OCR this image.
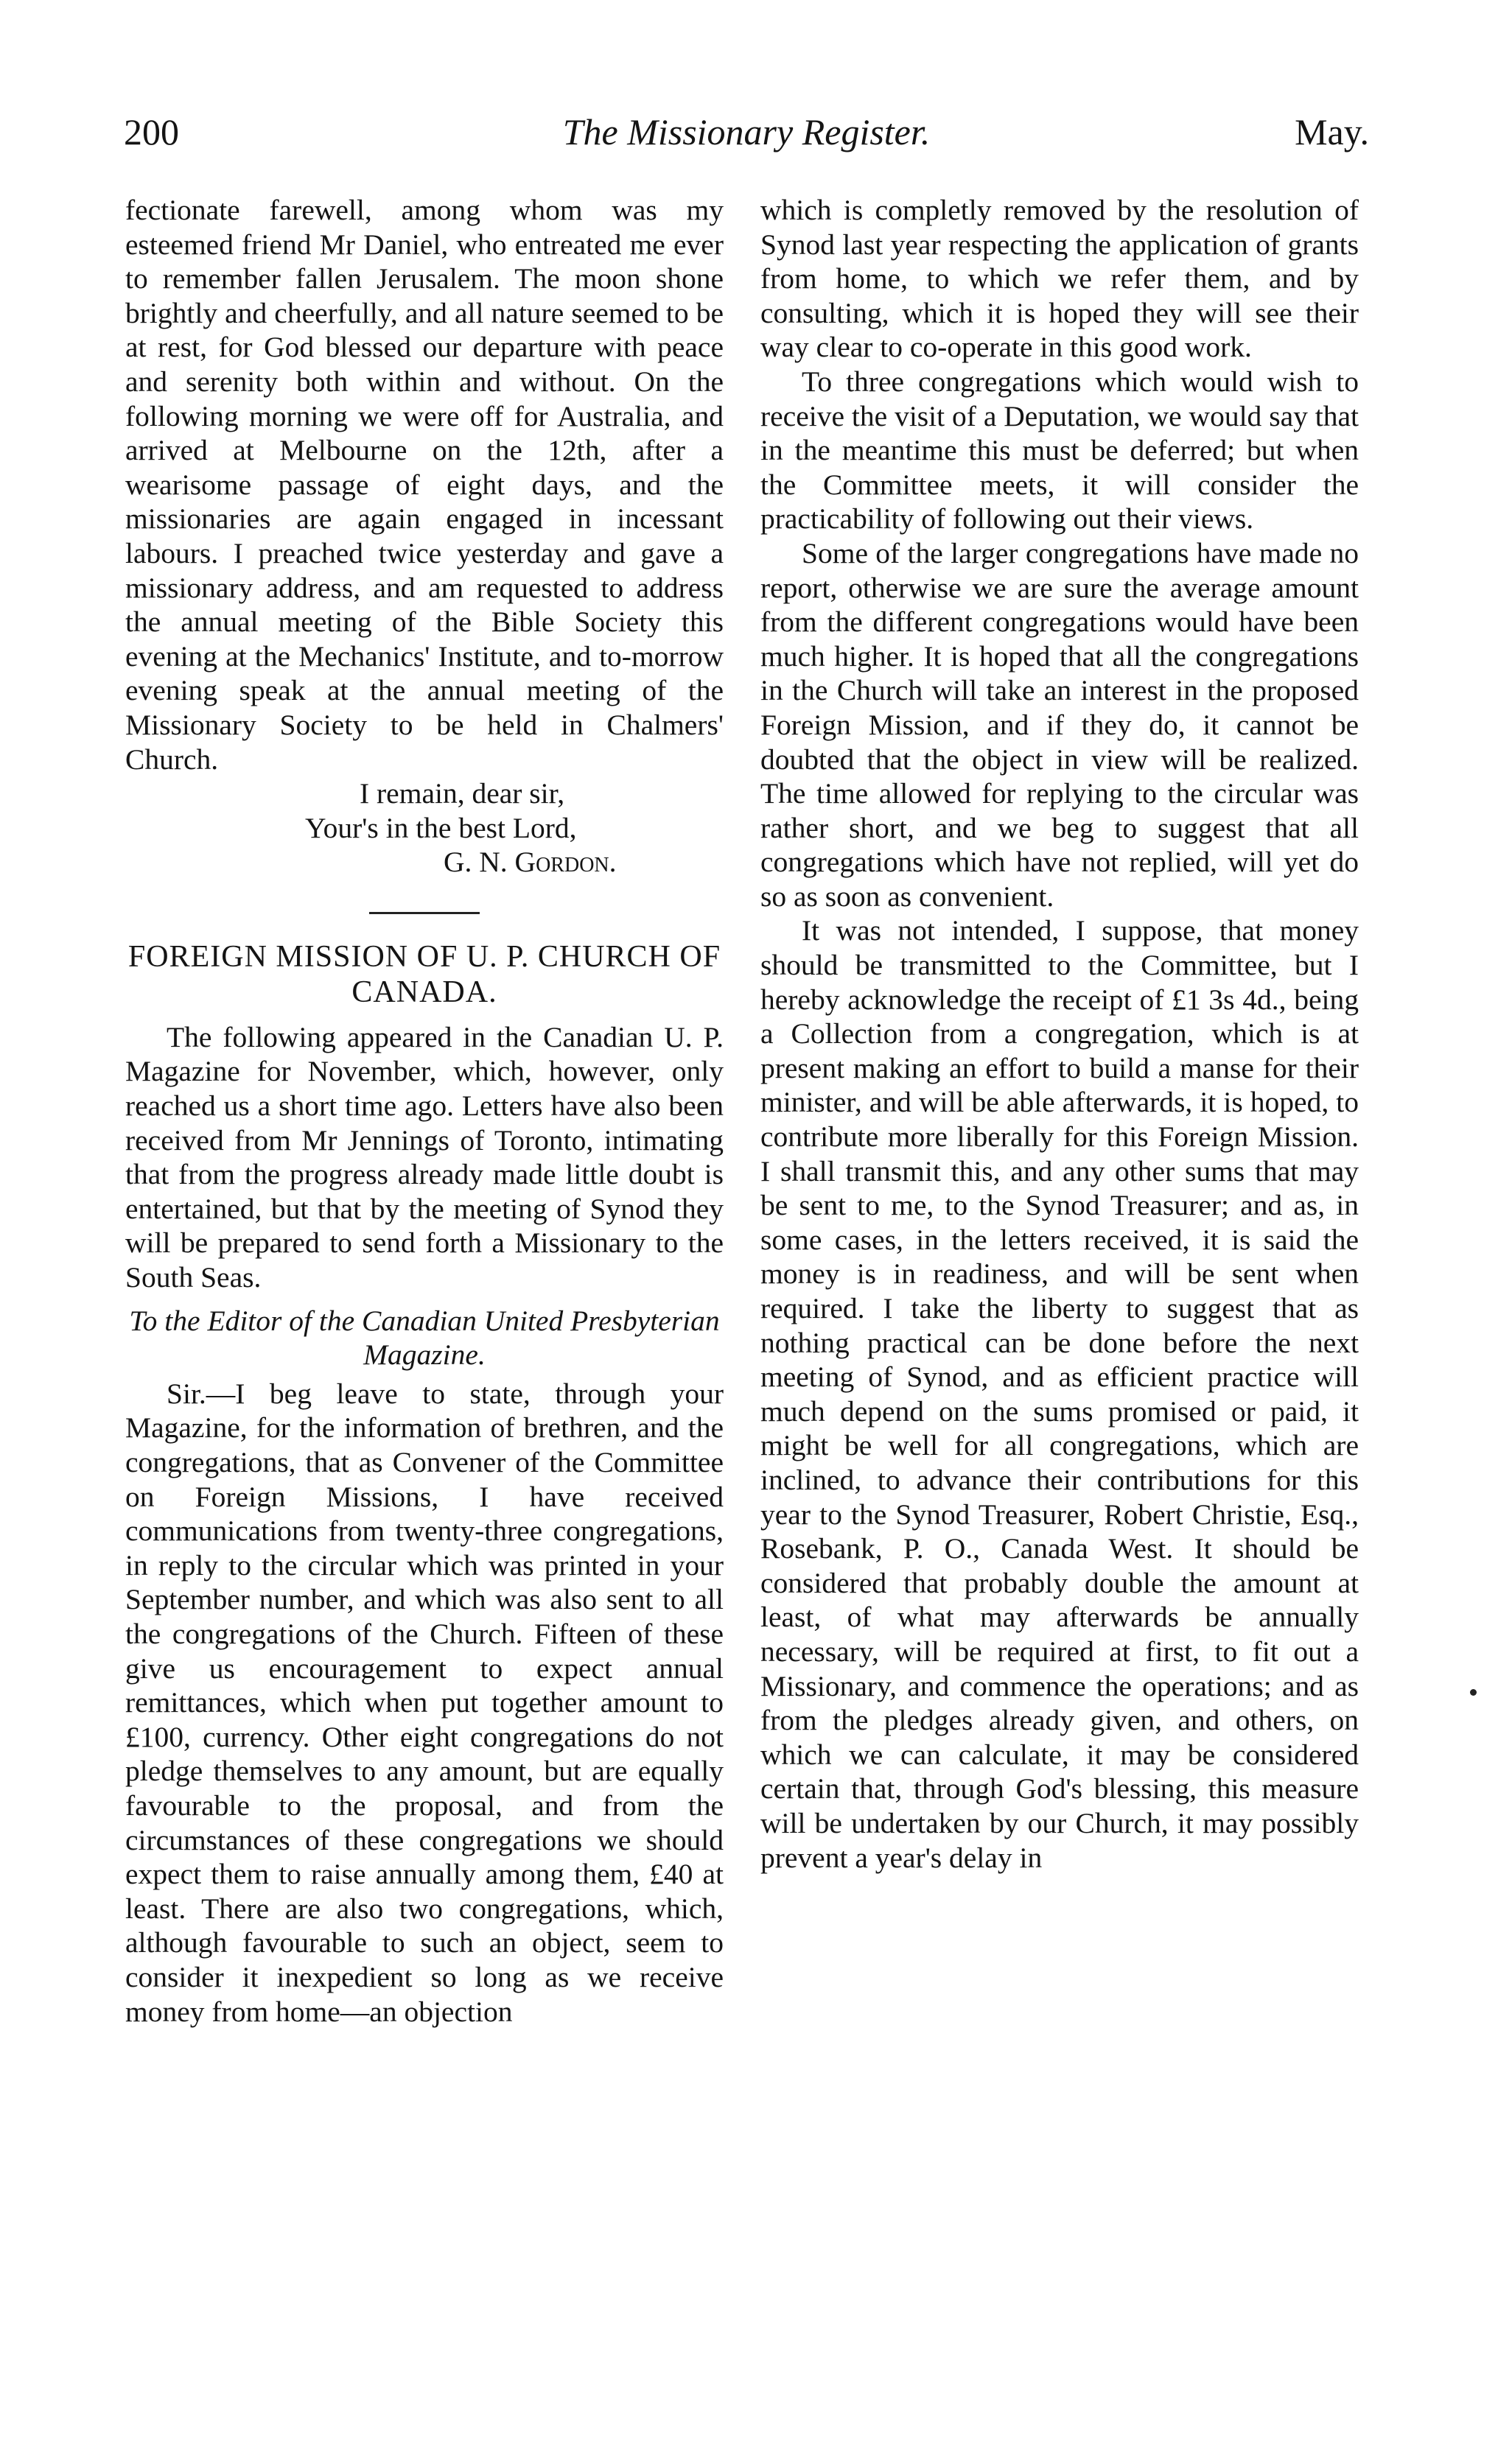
200	The Missionary Register.	May.

fectionate farewell, among whom was my esteemed friend Mr Daniel, who entreated me ever to remember fallen Jerusalem. The moon shone brightly and cheerfully, and all nature seemed to be at rest, for God blessed our departure with peace and serenity both within and without. On the following morning we were off for Australia, and arrived at Melbourne on the 12th, after a wearisome passage of eight days, and the missionaries are again engaged in incessant labours. I preached twice yesterday and gave a missionary address, and am requested to address the annual meeting of the Bible Society this evening at the Mechanics' Institute, and to-morrow evening speak at the annual meeting of the Missionary Society to be held in Chalmers' Church.

I remain, dear sir,

Your's in the best Lord,

G. N. Gordon.

FOREIGN MISSION OF U. P. CHURCH OF CANADA.

The following appeared in the Canadian U. P. Magazine for November, which, however, only reached us a short time ago. Letters have also been received from Mr Jennings of Toronto, intimating that from the progress already made little doubt is entertained, but that by the meeting of Synod they will be prepared to send forth a Missionary to the South Seas.

To the Editor of the Canadian United Presbyterian Magazine.

Sir.—I beg leave to state, through your Magazine, for the information of brethren, and the congregations, that as Convener of the Committee on Foreign Missions, I have received communications from twenty-three congregations, in reply to the circular which was printed in your September number, and which was also sent to all the congregations of the Church. Fifteen of these give us encouragement to expect annual remittances, which when put together amount to £100, currency. Other eight congregations do not pledge themselves to any amount, but are equally favourable to the proposal, and from the circumstances of these congregations we should expect them to raise annually among them, £40 at least. There are also two congregations, which, although favourable to such an object, seem to consider it inexpedient so long as we receive money from home—an objection

which is completly removed by the resolution of Synod last year respecting the application of grants from home, to which we refer them, and by consulting, which it is hoped they will see their way clear to co-operate in this good work.

To three congregations which would wish to receive the visit of a Deputation, we would say that in the meantime this must be deferred; but when the Committee meets, it will consider the practicability of following out their views.

Some of the larger congregations have made no report, otherwise we are sure the average amount from the different congregations would have been much higher. It is hoped that all the congregations in the Church will take an interest in the proposed Foreign Mission, and if they do, it cannot be doubted that the object in view will be realized. The time allowed for replying to the circular was rather short, and we beg to suggest that all congregations which have not replied, will yet do so as soon as convenient.

It was not intended, I suppose, that money should be transmitted to the Committee, but I hereby acknowledge the receipt of £1 3s 4d., being a Collection from a congregation, which is at present making an effort to build a manse for their minister, and will be able afterwards, it is hoped, to contribute more liberally for this Foreign Mission. I shall transmit this, and any other sums that may be sent to me, to the Synod Treasurer; and as, in some cases, in the letters received, it is said the money is in readiness, and will be sent when required. I take the liberty to suggest that as nothing practical can be done before the next meeting of Synod, and as efficient practice will much depend on the sums promised or paid, it might be well for all congregations, which are inclined, to advance their contributions for this year to the Synod Treasurer, Robert Christie, Esq., Rosebank, P. O., Canada West. It should be considered that probably double the amount at least, of what may afterwards be annually necessary, will be required at first, to fit out a Missionary, and commence the operations; and as from the pledges already given, and others, on which we can calculate, it may be considered certain that, through God's blessing, this measure will be undertaken by our Church, it may possibly prevent a year's delay in
